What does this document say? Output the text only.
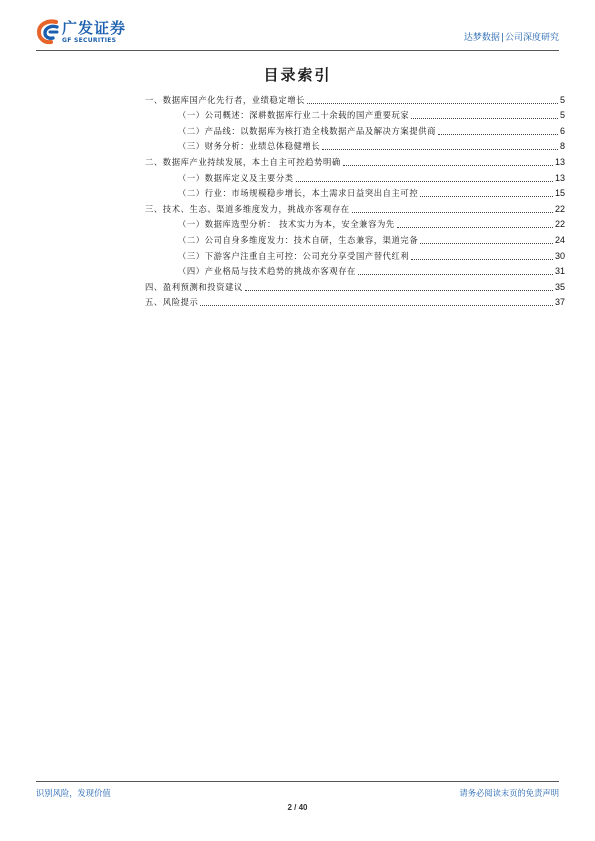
广发证券
GF SECURITIES	达梦数据|公司深度研究
目录索引
一、数据库国产化先行者，业绩稳定增长	5
（一）公司概述：深耕数据库行业二十余载的国产重要玩家	5
（二）产品线：以数据库为核打造全栈数据产品及解决方案提供商	6
（三）财务分析：业绩总体稳健增长	8
二、数据库产业持续发展，本土自主可控趋势明确	13
（一）数据库定义及主要分类	13
（二）行业：市场规模稳步增长，本土需求日益突出自主可控	15
三、技术、生态、渠道多维度发力，挑战亦客观存在	22
（一）数据库选型分析： 技术实力为本，安全兼容为先	22
（二）公司自身多维度发力：技术自研，生态兼容，渠道完备	24
（三）下游客户注重自主可控：公司充分享受国产替代红利	30
（四）产业格局与技术趋势的挑战亦客观存在	31
四、盈利预测和投资建议	35
五、风险提示	37
识别风险，发现价值	请务必阅读末页的免责声明
2 / 40
